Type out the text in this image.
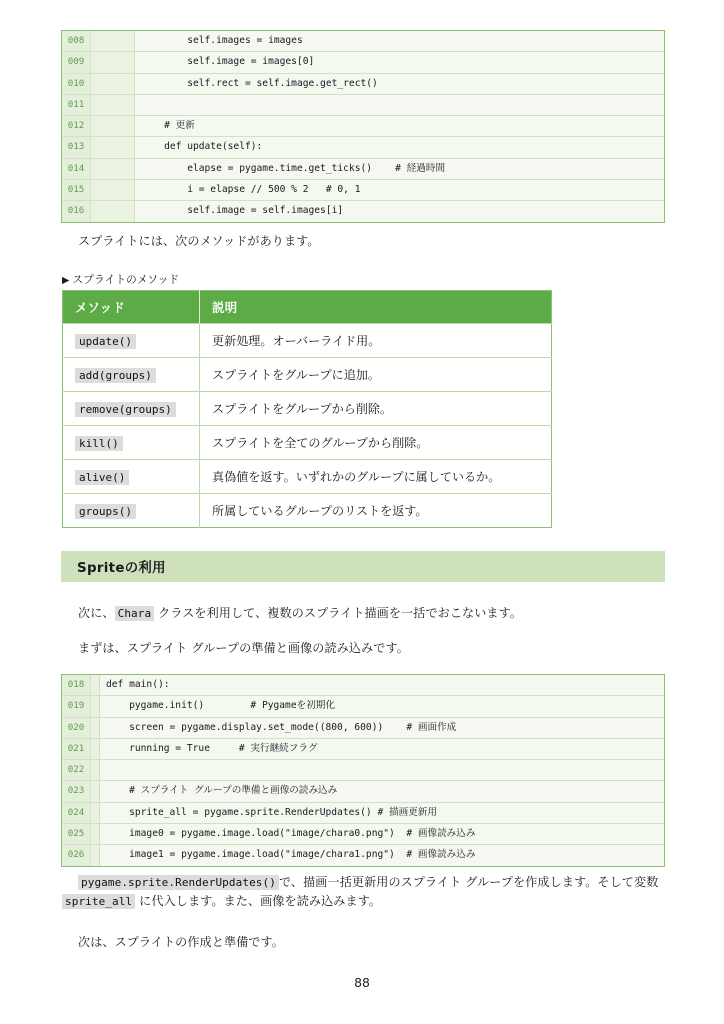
008	self.images = images
009	self.image = images[0]
010	self.rect = self.image.get_rect()
011
012	# 更新
013	def update(self):
014	elapse = pygame.time.get_ticks()    # 経過時間
015	i = elapse // 500 % 2   # 0, 1
016	self.image = self.images[i]
スプライトには、次のメソッドがあります。
▶ スプライトのメソッド
メソッド	説明
update()	更新処理。オーバーライド用。
add(groups)	スプライトをグループに追加。
remove(groups)	スプライトをグループから削除。
kill()	スプライトを全てのグループから削除。
alive()	真偽値を返す。いずれかのグループに属しているか。
groups()	所属しているグループのリストを返す。
Spriteの利用
次に、 Chara クラスを利用して、複数のスプライト描画を一括でおこないます。
まずは、スプライト グループの準備と画像の読み込みです。
018	def main():
019	pygame.init()        # Pygameを初期化
020	screen = pygame.display.set_mode((800, 600))    # 画面作成
021	running = True     # 実行継続フラグ
022
023	# スプライト グループの準備と画像の読み込み
024	sprite_all = pygame.sprite.RenderUpdates() # 描画更新用
025	image0 = pygame.image.load("image/chara0.png")  # 画像読み込み
026	image1 = pygame.image.load("image/chara1.png")  # 画像読み込み
pygame.sprite.RenderUpdates() で、描画一括更新用のスプライト グループを作成します。そして変数 sprite_all に代入します。また、画像を読み込みます。
次は、スプライトの作成と準備です。
88
